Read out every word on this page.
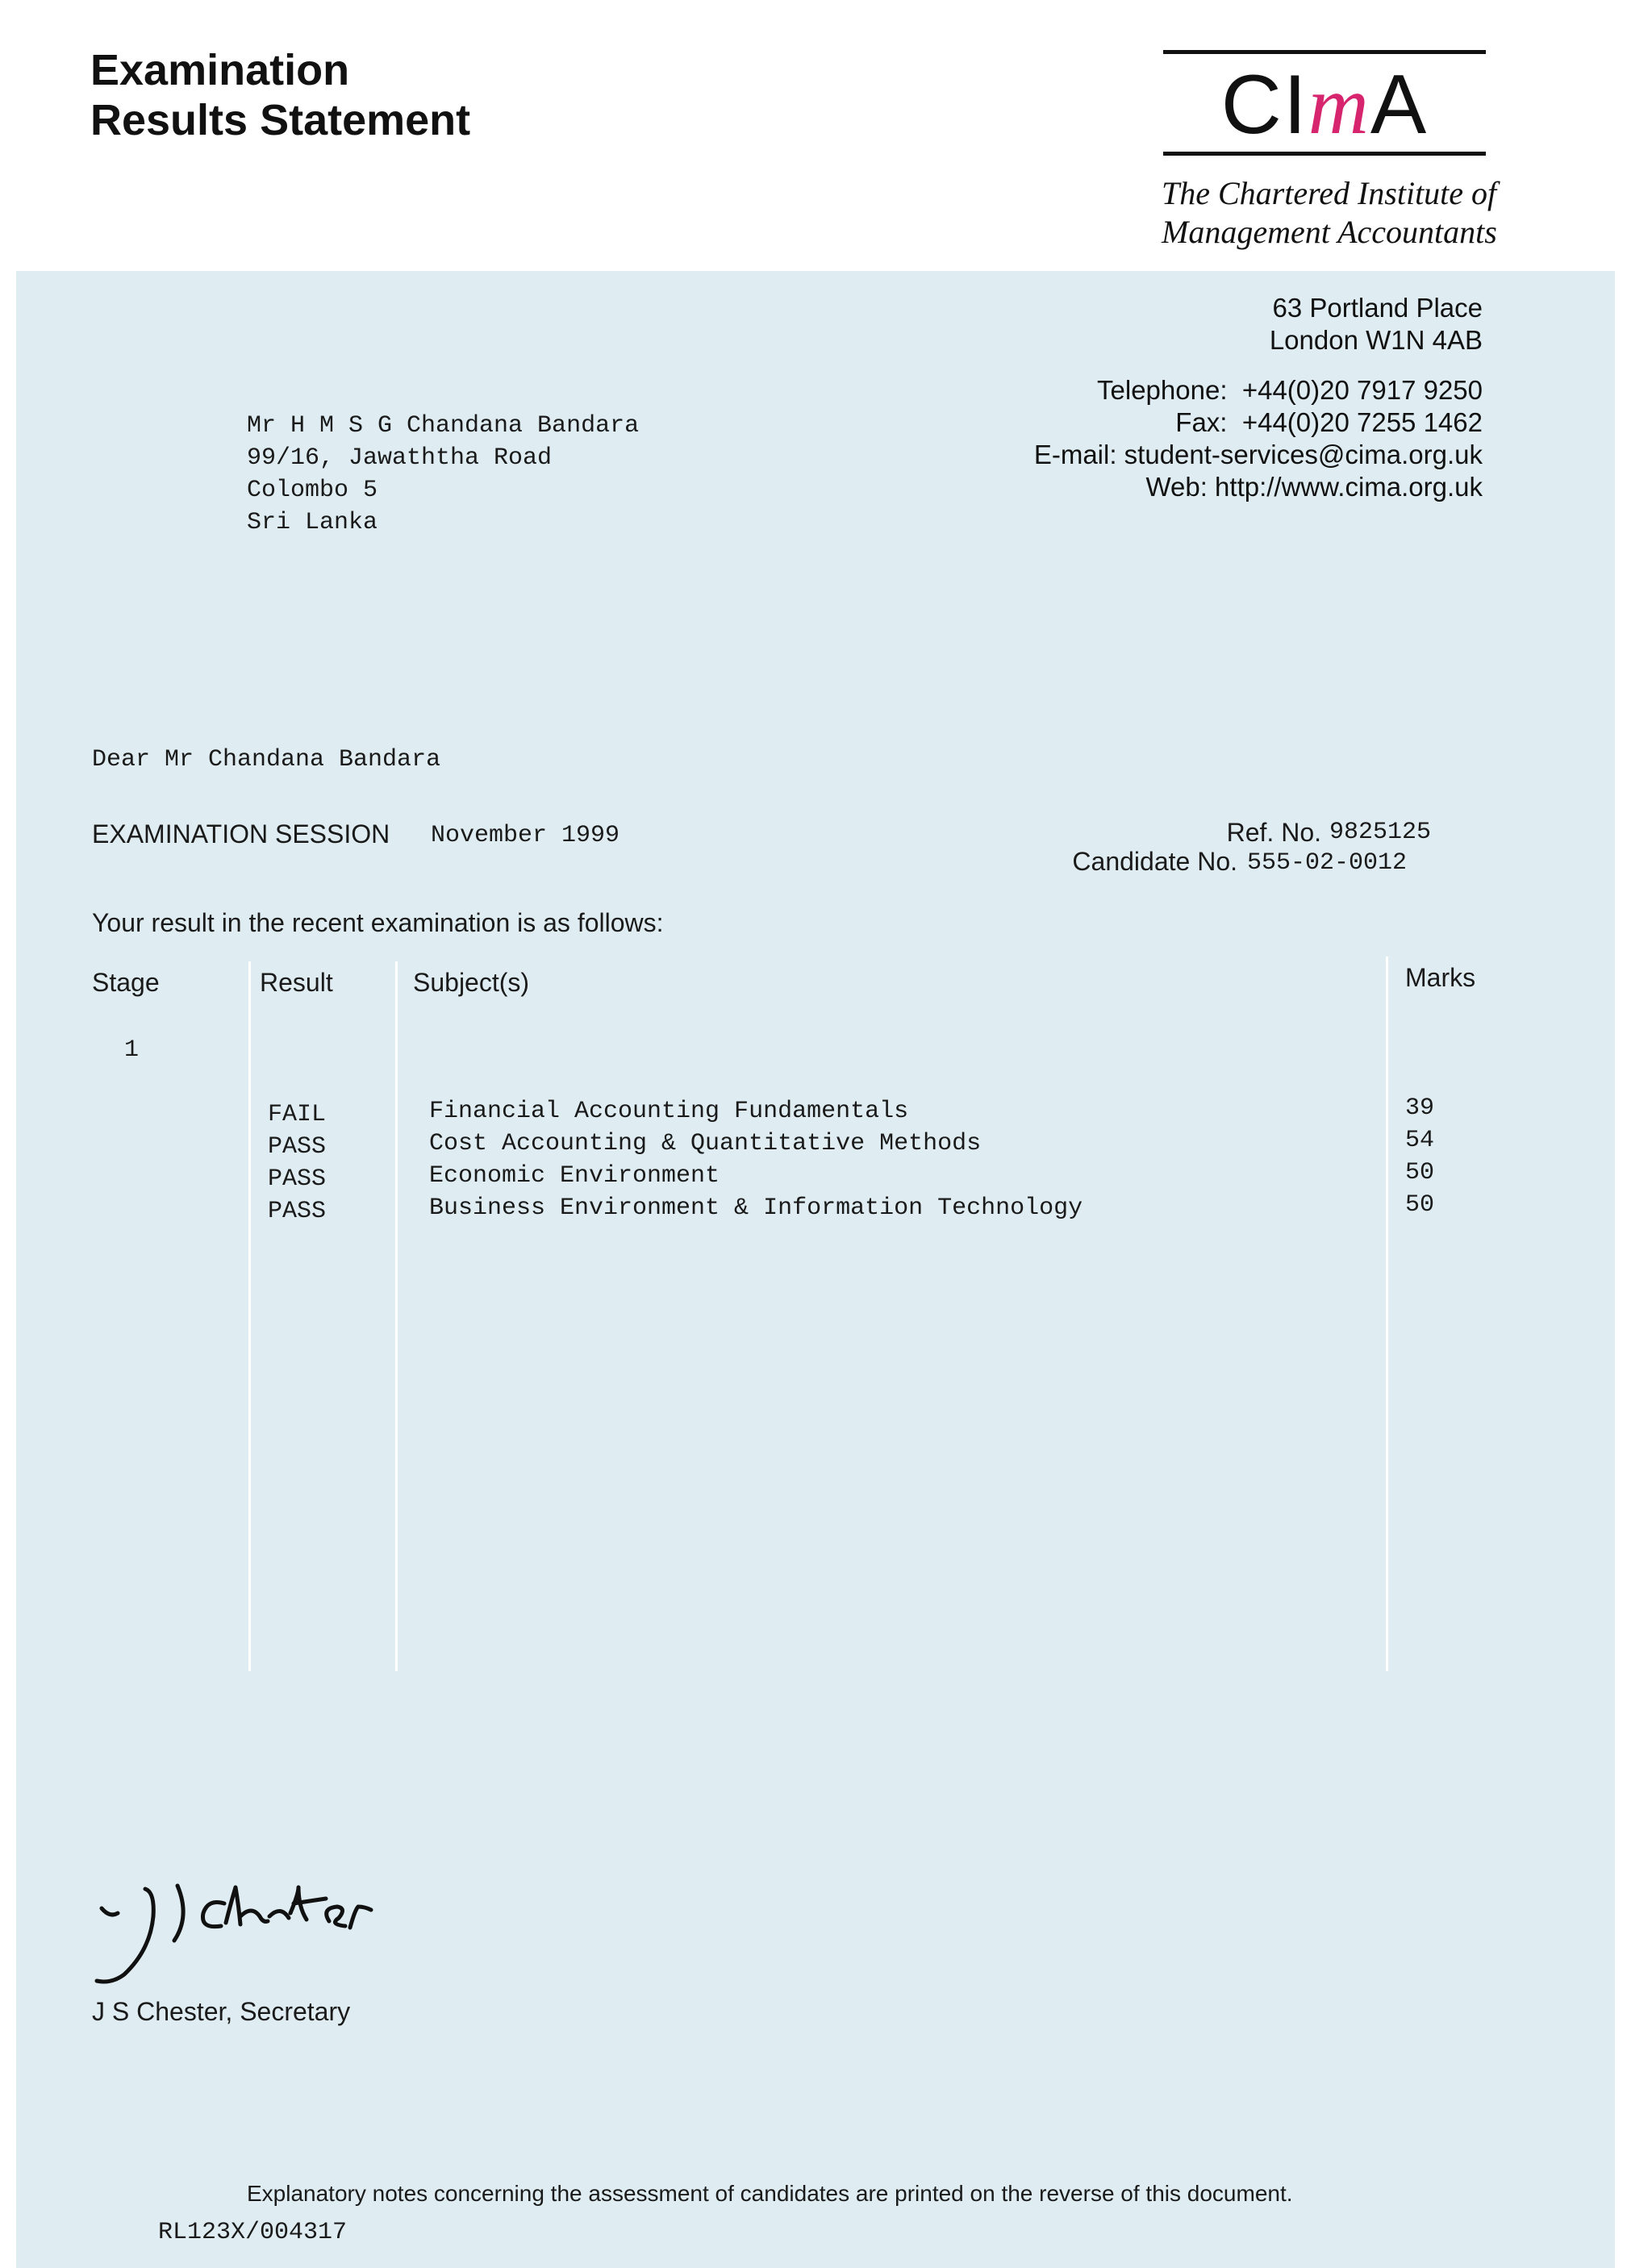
Examination
Results Statement	CImA
The Chartered Institute of
Management Accountants
63 Portland Place
London W1N 4AB
Telephone:  +44(0)20 7917 9250
Fax:  +44(0)20 7255 1462
E-mail: student-services@cima.org.uk
Web: http://www.cima.org.uk
Mr H M S G Chandana Bandara
99/16, Jawaththa Road
Colombo 5
Sri Lanka
Dear Mr Chandana Bandara
EXAMINATION SESSION November 1999	Ref. No. 9825125
Candidate No. 555-02-0012
Your result in the recent examination is as follows:
Stage	Result	Subject(s)	Marks
1
FAIL	Financial Accounting Fundamentals	39
PASS	Cost Accounting & Quantitative Methods	54
PASS	Economic Environment	50
PASS	Business Environment & Information Technology	50
J S Chester, Secretary
Explanatory notes concerning the assessment of candidates are printed on the reverse of this document.
RL123X/004317
